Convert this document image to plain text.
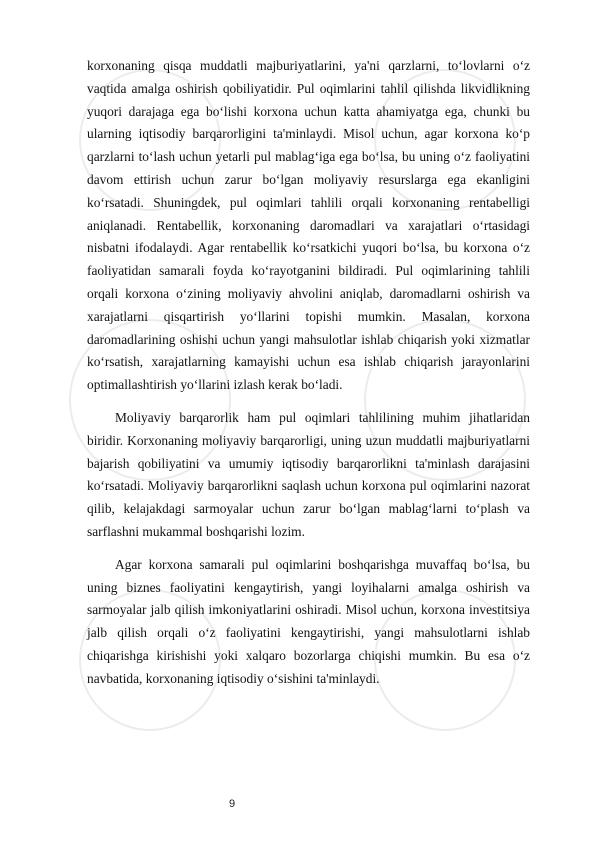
korxonaning qisqa muddatli majburiyatlarini, ya'ni qarzlarni, to‘lovlarni o‘z vaqtida amalga oshirish qobiliyatidir. Pul oqimlarini tahlil qilishda likvidlikning yuqori darajaga ega bo‘lishi korxona uchun katta ahamiyatga ega, chunki bu ularning iqtisodiy barqarorligini ta'minlaydi. Misol uchun, agar korxona ko‘p qarzlarni to‘lash uchun yetarli pul mablag‘iga ega bo‘lsa, bu uning o‘z faoliyatini davom ettirish uchun zarur bo‘lgan moliyaviy resurslarga ega ekanligini ko‘rsatadi. Shuningdek, pul oqimlari tahlili orqali korxonaning rentabelligi aniqlanadi. Rentabellik, korxonaning daromadlari va xarajatlari o‘rtasidagi nisbatni ifodalaydi. Agar rentabellik ko‘rsatkichi yuqori bo‘lsa, bu korxona o‘z faoliyatidan samarali foyda ko‘rayotganini bildiradi. Pul oqimlarining tahlili orqali korxona o‘zining moliyaviy ahvolini aniqlab, daromadlarni oshirish va xarajatlarni qisqartirish yo‘llarini topishi mumkin. Masalan, korxona daromadlarining oshishi uchun yangi mahsulotlar ishlab chiqarish yoki xizmatlar ko‘rsatish, xarajatlarning kamayishi uchun esa ishlab chiqarish jarayonlarini optimallashtirish yo‘llarini izlash kerak bo‘ladi.

Moliyaviy barqarorlik ham pul oqimlari tahlilining muhim jihatlaridan biridir. Korxonaning moliyaviy barqarorligi, uning uzun muddatli majburiyatlarni bajarish qobiliyatini va umumiy iqtisodiy barqarorlikni ta'minlash darajasini ko‘rsatadi. Moliyaviy barqarorlikni saqlash uchun korxona pul oqimlarini nazorat qilib, kelajakdagi sarmoyalar uchun zarur bo‘lgan mablag‘larni to‘plash va sarflashni mukammal boshqarishi lozim.

Agar korxona samarali pul oqimlarini boshqarishga muvaffaq bo‘lsa, bu uning biznes faoliyatini kengaytirish, yangi loyihalarni amalga oshirish va sarmoyalar jalb qilish imkoniyatlarini oshiradi. Misol uchun, korxona investitsiya jalb qilish orqali o‘z faoliyatini kengaytirishi, yangi mahsulotlarni ishlab chiqarishga kirishishi yoki xalqaro bozorlarga chiqishi mumkin. Bu esa o‘z navbatida, korxonaning iqtisodiy o‘sishini ta'minlaydi.

9
